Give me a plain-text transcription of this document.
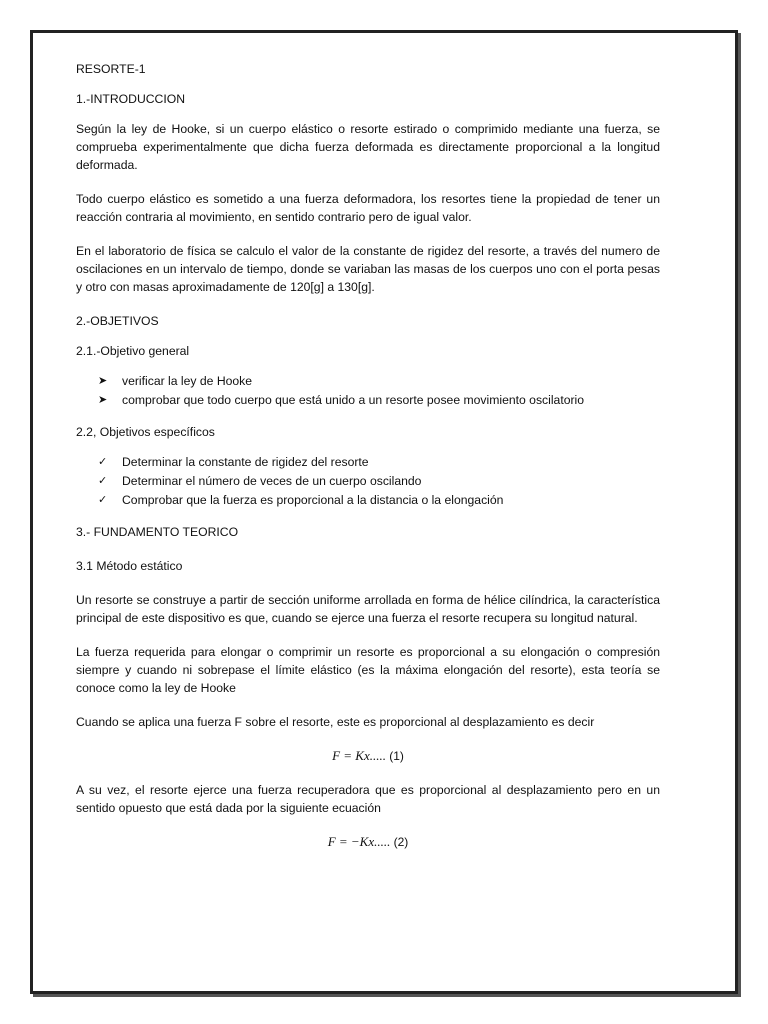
RESORTE-1

1.-INTRODUCCION

Según la ley de Hooke, si un cuerpo elástico o resorte estirado o comprimido mediante una fuerza, se comprueba experimentalmente que dicha fuerza deformada es directamente proporcional a la longitud deformada.

Todo cuerpo elástico es sometido a una fuerza deformadora, los resortes tiene la propiedad de tener un reacción contraria al movimiento, en sentido contrario pero de igual valor.

En el laboratorio de física se calculo el valor de la constante de rigidez del resorte, a través del numero de oscilaciones en un intervalo de tiempo, donde se variaban las masas de los cuerpos uno con el porta pesas y otro con masas aproximadamente de 120[g] a 130[g].

2.-OBJETIVOS

2.1.-Objetivo general

➤ verificar la ley de Hooke
➤ comprobar que todo cuerpo que está unido a un resorte posee movimiento oscilatorio

2.2, Objetivos específicos

✓ Determinar la constante de rigidez del resorte
✓ Determinar el número de veces de un cuerpo oscilando
✓ Comprobar que la fuerza es proporcional a la distancia o la elongación

3.- FUNDAMENTO TEORICO

3.1 Método estático

Un resorte se construye a partir de sección uniforme arrollada en forma de hélice cilíndrica, la característica principal de este dispositivo es que, cuando se ejerce una fuerza el resorte recupera su longitud natural.

La fuerza requerida para elongar o comprimir un resorte es proporcional a su elongación o compresión siempre y cuando ni sobrepase el límite elástico (es la máxima elongación del resorte), esta teoría se conoce como la ley de Hooke

Cuando se aplica una fuerza F sobre el resorte, este es proporcional al desplazamiento es decir

F = Kx..... (1)

A su vez, el resorte ejerce una fuerza recuperadora que es proporcional al desplazamiento pero en un sentido opuesto que está dada por la siguiente ecuación

F = −Kx..... (2)
